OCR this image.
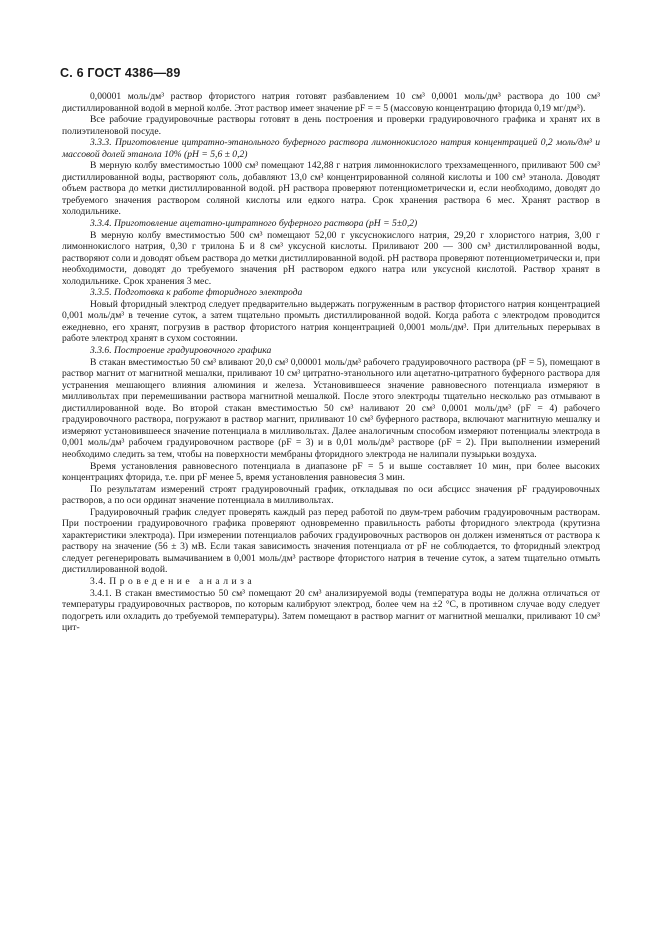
С. 6 ГОСТ 4386—89

0,00001 моль/дм³ раствор фтористого натрия готовят разбавлением 10 см³ 0,0001 моль/дм³ раствора до 100 см³ дистиллированной водой в мерной колбе. Этот раствор имеет значение pF = = 5 (массовую концентрацию фторида 0,19 мг/дм³).

Все рабочие градуировочные растворы готовят в день построения и проверки градуировочного графика и хранят их в полиэтиленовой посуде.

3.3.3. Приготовление цитратно-этанольного буферного раствора лимоннокислого натрия концентрацией 0,2 моль/дм³ и массовой долей этанола 10% (pH = 5,6 ± 0,2)

В мерную колбу вместимостью 1000 см³ помещают 142,88 г натрия лимоннокислого трехзамещенного, приливают 500 см³ дистиллированной воды, растворяют соль, добавляют 13,0 см³ концентрированной соляной кислоты и 100 см³ этанола. Доводят объем раствора до метки дистиллированной водой. pH раствора проверяют потенциометрически и, если необходимо, доводят до требуемого значения раствором соляной кислоты или едкого натра. Срок хранения раствора 6 мес. Хранят раствор в холодильнике.

3.3.4. Приготовление ацетатно-цитратного буферного раствора (pH = 5±0,2)

В мерную колбу вместимостью 500 см³ помещают 52,00 г уксуснокислого натрия, 29,20 г хлористого натрия, 3,00 г лимоннокислого натрия, 0,30 г трилона Б и 8 см³ уксусной кислоты. Приливают 200 — 300 см³ дистиллированной воды, растворяют соли и доводят объем раствора до метки дистиллированной водой. pH раствора проверяют потенциометрически и, при необходимости, доводят до требуемого значения pH раствором едкого натра или уксусной кислотой. Раствор хранят в холодильнике. Срок хранения 3 мес.

3.3.5. Подготовка к работе фторидного электрода

Новый фторидный электрод следует предварительно выдержать погруженным в раствор фтористого натрия концентрацией 0,001 моль/дм³ в течение суток, а затем тщательно промыть дистиллированной водой. Когда работа с электродом проводится ежедневно, его хранят, погрузив в раствор фтористого натрия концентрацией 0,0001 моль/дм³. При длительных перерывах в работе электрод хранят в сухом состоянии.

3.3.6. Построение градуировочного графика

В стакан вместимостью 50 см³ вливают 20,0 см³ 0,00001 моль/дм³ рабочего градуировочного раствора (pF = 5), помещают в раствор магнит от магнитной мешалки, приливают 10 см³ цитратно-этанольного или ацетатно-цитратного буферного раствора для устранения мешающего влияния алюминия и железа. Установившееся значение равновесного потенциала измеряют в милливольтах при перемешивании раствора магнитной мешалкой. После этого электроды тщательно несколько раз отмывают в дистиллированной воде. Во второй стакан вместимостью 50 см³ наливают 20 см³ 0,0001 моль/дм³ (pF = 4) рабочего градуировочного раствора, погружают в раствор магнит, приливают 10 см³ буферного раствора, включают магнитную мешалку и измеряют установившееся значение потенциала в милливольтах. Далее аналогичным способом измеряют потенциалы электрода в 0,001 моль/дм³ рабочем градуировочном растворе (pF = 3) и в 0,01 моль/дм³ растворе (pF = 2). При выполнении измерений необходимо следить за тем, чтобы на поверхности мембраны фторидного электрода не налипали пузырьки воздуха.

Время установления равновесного потенциала в диапазоне pF = 5 и выше составляет 10 мин, при более высоких концентрациях фторида, т.е. при pF менее 5, время установления равновесия 3 мин.

По результатам измерений строят градуировочный график, откладывая по оси абсцисс значения pF градуировочных растворов, а по оси ординат значение потенциала в милливольтах.

Градуировочный график следует проверять каждый раз перед работой по двум-трем рабочим градуировочным растворам. При построении градуировочного графика проверяют одновременно правильность работы фторидного электрода (крутизна характеристики электрода). При измерении потенциалов рабочих градуировочных растворов он должен изменяться от раствора к раствору на значение (56 ± 3) мВ. Если такая зависимость значения потенциала от pF не соблюдается, то фторидный электрод следует регенерировать вымачиванием в 0,001 моль/дм³ растворе фтористого натрия в течение суток, а затем тщательно отмыть дистиллированной водой.

3.4. Проведение анализа

3.4.1. В стакан вместимостью 50 см³ помещают 20 см³ анализируемой воды (температура воды не должна отличаться от температуры градуировочных растворов, по которым калибруют электрод, более чем на ±2 °С, в противном случае воду следует подогреть или охладить до требуемой температуры). Затем помещают в раствор магнит от магнитной мешалки, приливают 10 см³ цит-
